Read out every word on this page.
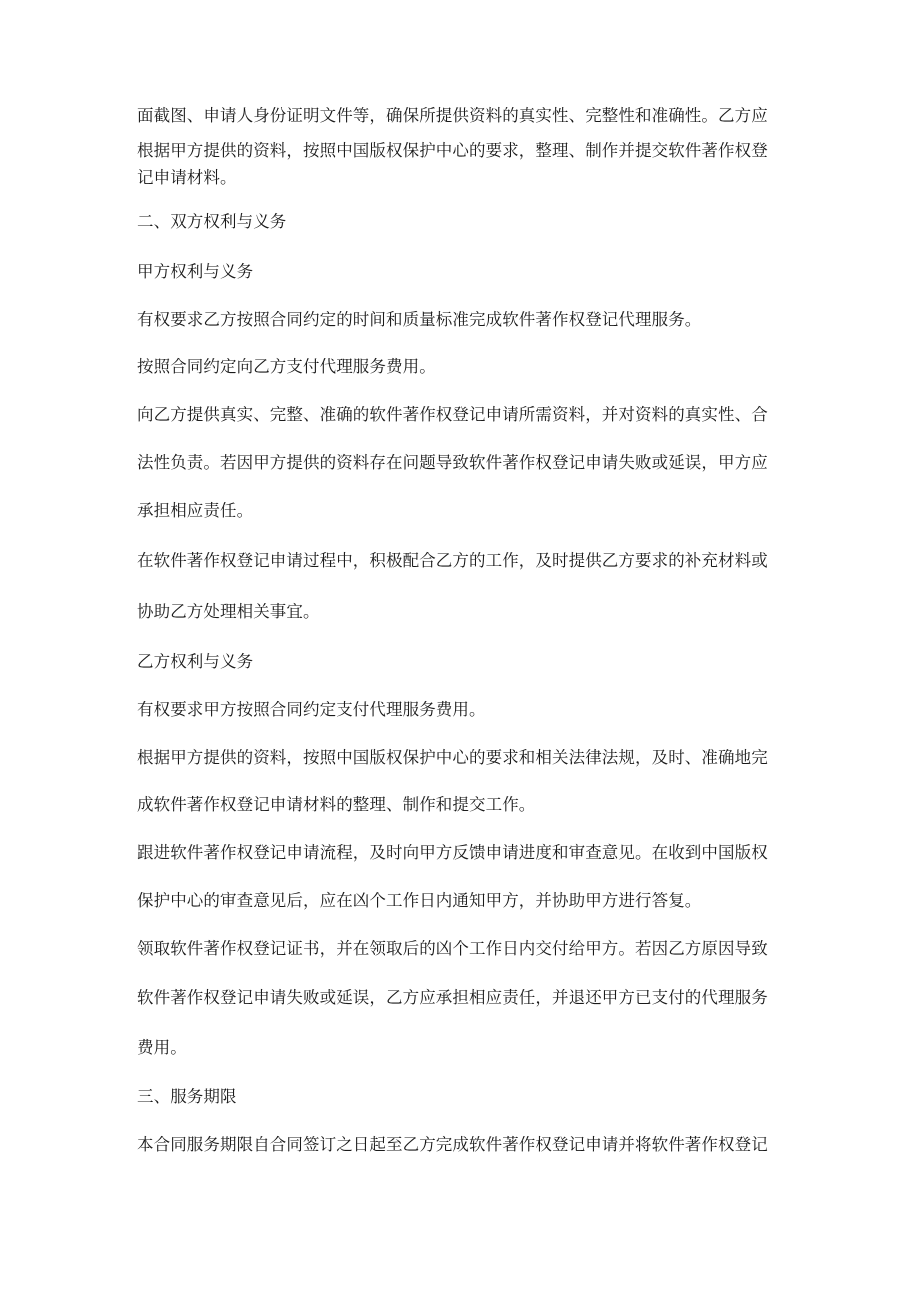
面截图、申请人身份证明文件等，确保所提供资料的真实性、完整性和准确性。乙方应
根据甲方提供的资料，按照中国版权保护中心的要求，整理、制作并提交软件著作权登
记申请材料。
二、双方权利与义务
甲方权利与义务
有权要求乙方按照合同约定的时间和质量标准完成软件著作权登记代理服务。
按照合同约定向乙方支付代理服务费用。
向乙方提供真实、完整、准确的软件著作权登记申请所需资料，并对资料的真实性、合
法性负责。若因甲方提供的资料存在问题导致软件著作权登记申请失败或延误，甲方应
承担相应责任。
在软件著作权登记申请过程中，积极配合乙方的工作，及时提供乙方要求的补充材料或
协助乙方处理相关事宜。
乙方权利与义务
有权要求甲方按照合同约定支付代理服务费用。
根据甲方提供的资料，按照中国版权保护中心的要求和相关法律法规，及时、准确地完
成软件著作权登记申请材料的整理、制作和提交工作。
跟进软件著作权登记申请流程，及时向甲方反馈申请进度和审查意见。在收到中国版权
保护中心的审查意见后，应在凶个工作日内通知甲方，并协助甲方进行答复。
领取软件著作权登记证书，并在领取后的凶个工作日内交付给甲方。若因乙方原因导致
软件著作权登记申请失败或延误，乙方应承担相应责任，并退还甲方已支付的代理服务
费用。
三、服务期限
本合同服务期限自合同签订之日起至乙方完成软件著作权登记申请并将软件著作权登记
